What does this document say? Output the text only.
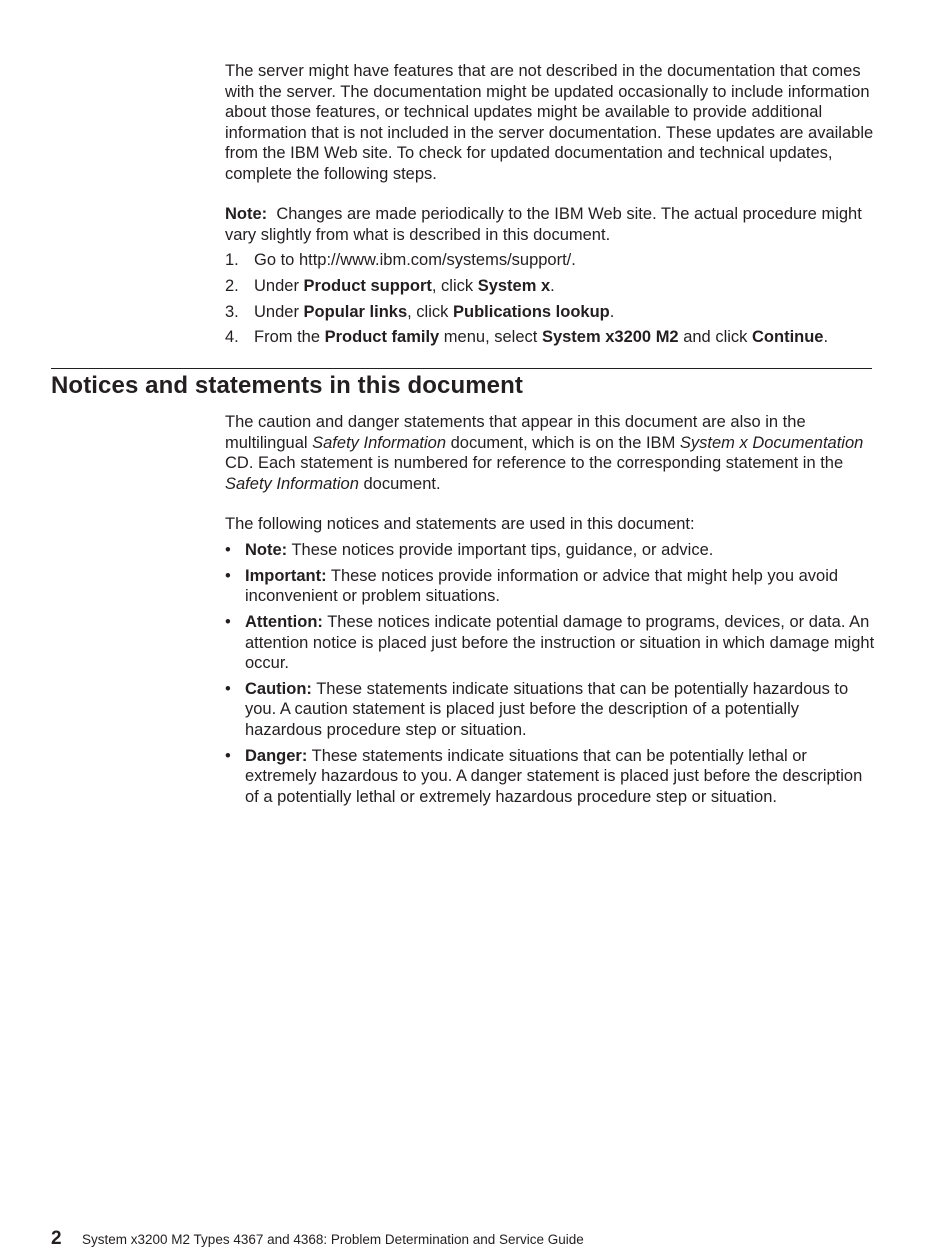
The server might have features that are not described in the documentation that comes with the server. The documentation might be updated occasionally to include information about those features, or technical updates might be available to provide additional information that is not included in the server documentation. These updates are available from the IBM Web site. To check for updated documentation and technical updates, complete the following steps.

Note: Changes are made periodically to the IBM Web site. The actual procedure might vary slightly from what is described in this document.

1. Go to http://www.ibm.com/systems/support/.
2. Under Product support, click System x.
3. Under Popular links, click Publications lookup.
4. From the Product family menu, select System x3200 M2 and click Continue.
Notices and statements in this document

The caution and danger statements that appear in this document are also in the multilingual Safety Information document, which is on the IBM System x Documentation CD. Each statement is numbered for reference to the corresponding statement in the Safety Information document.

The following notices and statements are used in this document:

• Note: These notices provide important tips, guidance, or advice.
• Important: These notices provide information or advice that might help you avoid inconvenient or problem situations.
• Attention: These notices indicate potential damage to programs, devices, or data. An attention notice is placed just before the instruction or situation in which damage might occur.
• Caution: These statements indicate situations that can be potentially hazardous to you. A caution statement is placed just before the description of a potentially hazardous procedure step or situation.
• Danger: These statements indicate situations that can be potentially lethal or extremely hazardous to you. A danger statement is placed just before the description of a potentially lethal or extremely hazardous procedure step or situation.
2 System x3200 M2 Types 4367 and 4368: Problem Determination and Service Guide
